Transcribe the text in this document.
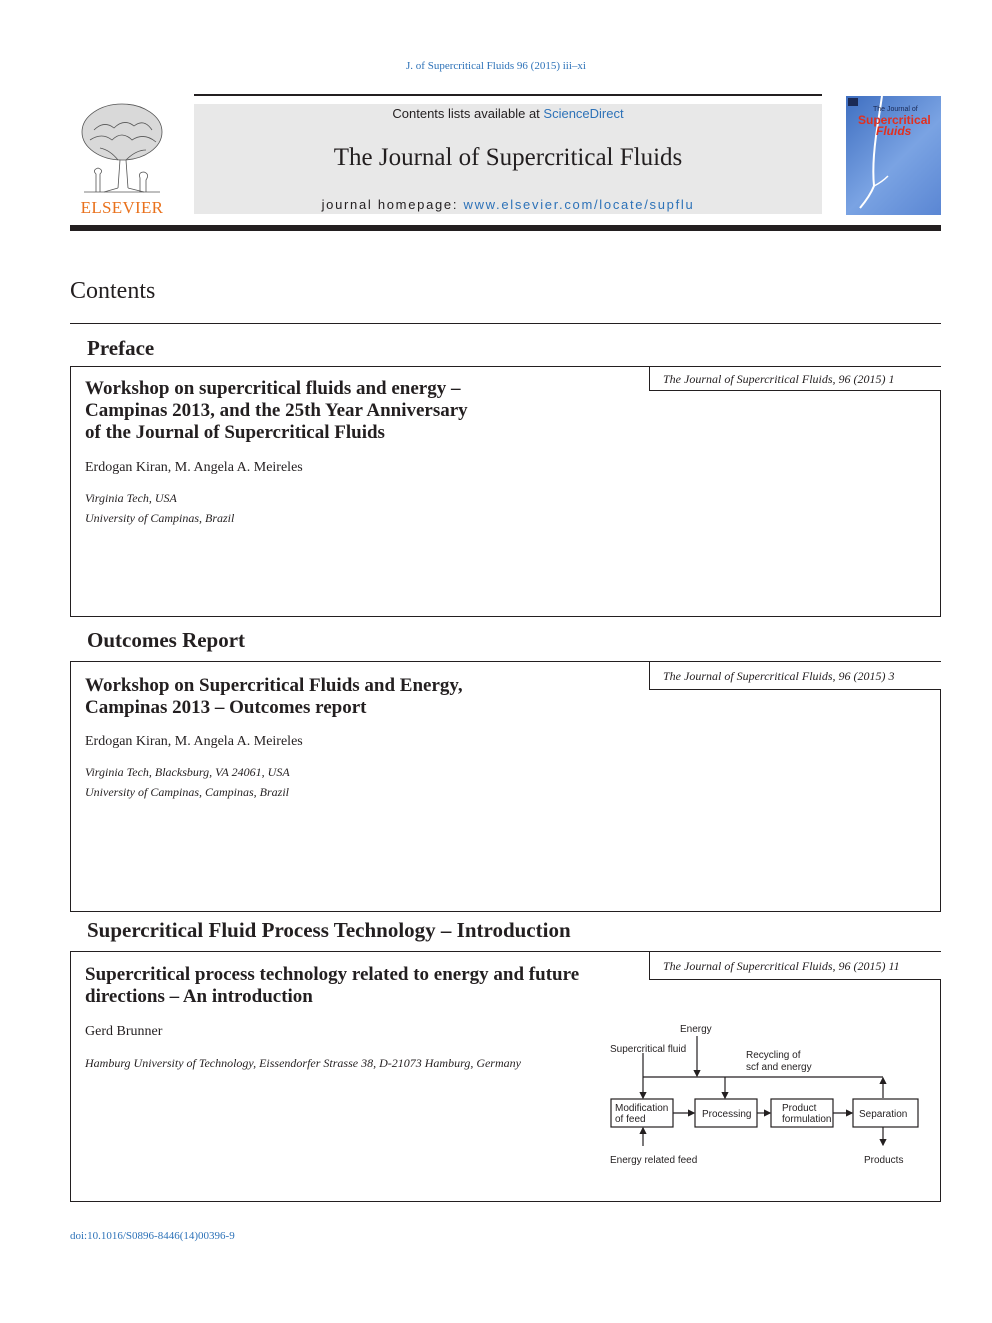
J. of Supercritical Fluids 96 (2015) iii–xi
ELSEVIER
Contents lists available at ScienceDirect
The Journal of Supercritical Fluids
journal homepage: www.elsevier.com/locate/supflu
The Journal of
Supercritical
Fluids
Contents
Preface
The Journal of Supercritical Fluids, 96 (2015) 1
Workshop on supercritical fluids and energy –
Campinas 2013, and the 25th Year Anniversary
of the Journal of Supercritical Fluids
Erdogan Kiran, M. Angela A. Meireles
Virginia Tech, USA
University of Campinas, Brazil
Outcomes Report
The Journal of Supercritical Fluids, 96 (2015) 3
Workshop on Supercritical Fluids and Energy,
Campinas 2013 – Outcomes report
Erdogan Kiran, M. Angela A. Meireles
Virginia Tech, Blacksburg, VA 24061, USA
University of Campinas, Campinas, Brazil
Supercritical Fluid Process Technology – Introduction
The Journal of Supercritical Fluids, 96 (2015) 11
Supercritical process technology related to energy and future
directions – An introduction
Gerd Brunner
Hamburg University of Technology, Eissendorfer Strasse 38, D-21073 Hamburg, Germany
Energy
Supercritical fluid
Recycling of
scf and energy
Modification
of feed	Processing
Product
formulation	Separation
Energy related feed	Products
doi:10.1016/S0896-8446(14)00396-9
